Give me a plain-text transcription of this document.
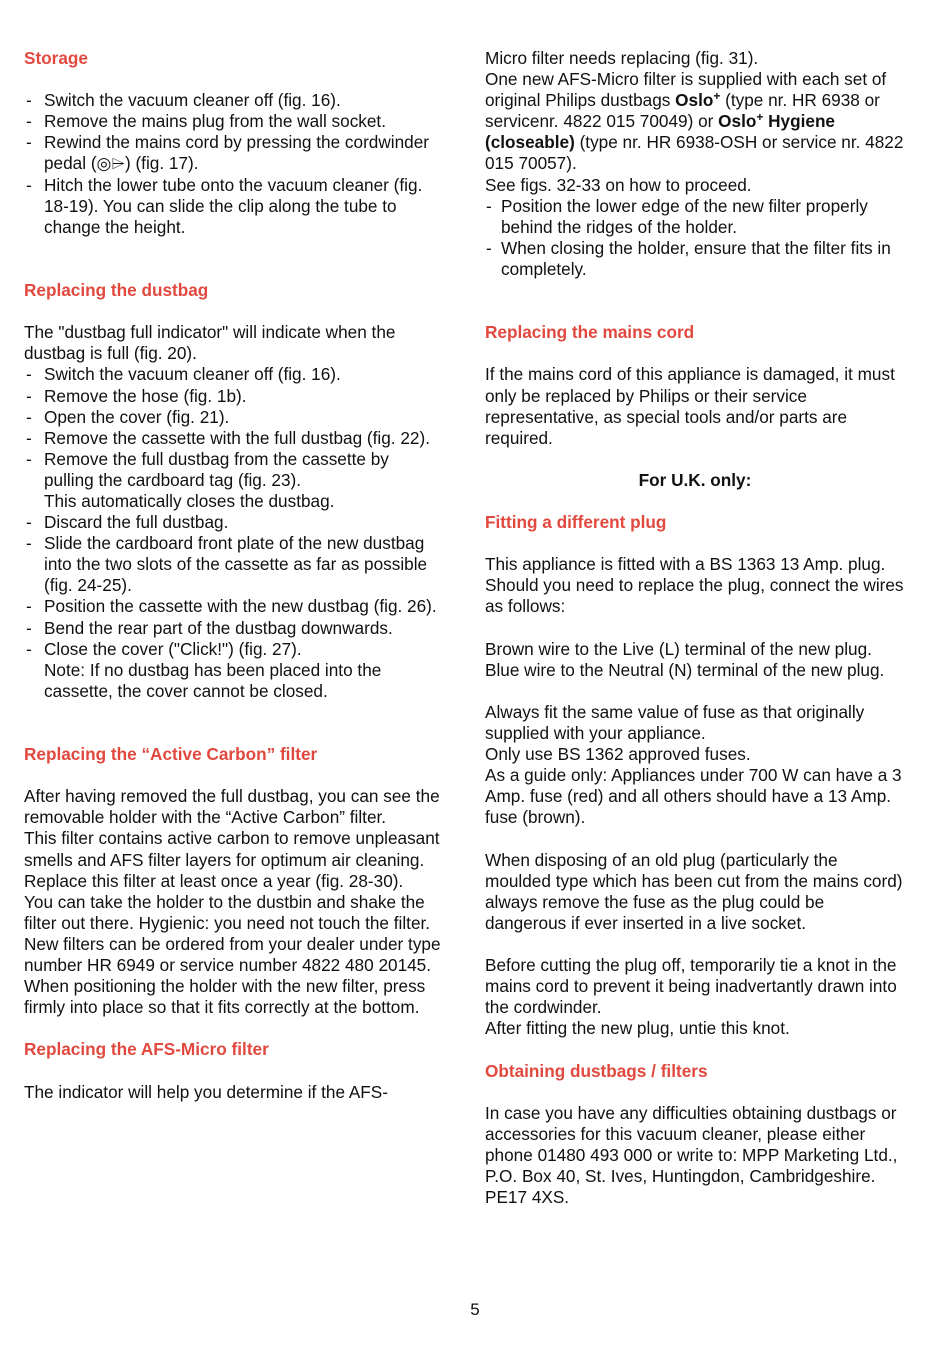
Storage
- Switch the vacuum cleaner off (fig. 16).
- Remove the mains plug from the wall socket.
- Rewind the mains cord by pressing the cordwinder pedal (◎⌲) (fig. 17).
- Hitch the lower tube onto the vacuum cleaner (fig. 18-19). You can slide the clip along the tube to change the height.
Replacing the dustbag

The "dustbag full indicator" will indicate when the dustbag is full (fig. 20).

- Switch the vacuum cleaner off (fig. 16).
- Remove the hose (fig. 1b).
- Open the cover (fig. 21).
- Remove the cassette with the full dustbag (fig. 22).
- Remove the full dustbag from the cassette by pulling the cardboard tag (fig. 23).
This automatically closes the dustbag.
- Discard the full dustbag.
- Slide the cardboard front plate of the new dustbag into the two slots of the cassette as far as possible (fig. 24-25).
- Position the cassette with the new dustbag (fig. 26).
- Bend the rear part of the dustbag downwards.
- Close the cover ("Click!") (fig. 27).
Note: If no dustbag has been placed into the cassette, the cover cannot be closed.
Replacing the “Active Carbon” filter

After having removed the full dustbag, you can see the removable holder with the “Active Carbon” filter.

This filter contains active carbon to remove unpleasant smells and AFS filter layers for optimum air cleaning.

Replace this filter at least once a year (fig. 28-30).

You can take the holder to the dustbin and shake the filter out there. Hygienic: you need not touch the filter.

New filters can be ordered from your dealer under type number HR 6949 or service number 4822 480 20145.

When positioning the holder with the new filter, press firmly into place so that it fits correctly at the bottom.

Replacing the AFS-Micro filter

The indicator will help you determine if the AFS-

Micro filter needs replacing (fig. 31).

One new AFS-Micro filter is supplied with each set of original Philips dustbags Oslo+ (type nr. HR 6938 or servicenr. 4822 015 70049) or Oslo+ Hygiene (closeable) (type nr. HR 6938-OSH or service nr. 4822 015 70057).

See figs. 32-33 on how to proceed.

- Position the lower edge of the new filter properly behind the ridges of the holder.
- When closing the holder, ensure that the filter fits in completely.
Replacing the mains cord

If the mains cord of this appliance is damaged, it must only be replaced by Philips or their service representative, as special tools and/or parts are required.

For U.K. only:

Fitting a different plug

This appliance is fitted with a BS 1363 13 Amp. plug.

Should you need to replace the plug, connect the wires as follows:

Brown wire to the Live (L) terminal of the new plug.

Blue wire to the Neutral (N) terminal of the new plug.

Always fit the same value of fuse as that originally supplied with your appliance.

Only use BS 1362 approved fuses.

As a guide only: Appliances under 700 W can have a 3 Amp. fuse (red) and all others should have a 13 Amp. fuse (brown).

When disposing of an old plug (particularly the moulded type which has been cut from the mains cord) always remove the fuse as the plug could be dangerous if ever inserted in a live socket.

Before cutting the plug off, temporarily tie a knot in the mains cord to prevent it being inadvertantly drawn into the cordwinder.

After fitting the new plug, untie this knot.

Obtaining dustbags / filters

In case you have any difficulties obtaining dustbags or accessories for this vacuum cleaner, please either phone 01480 493 000 or write to: MPP Marketing Ltd., P.O. Box 40, St. Ives, Huntingdon, Cambridgeshire. PE17 4XS.

5
